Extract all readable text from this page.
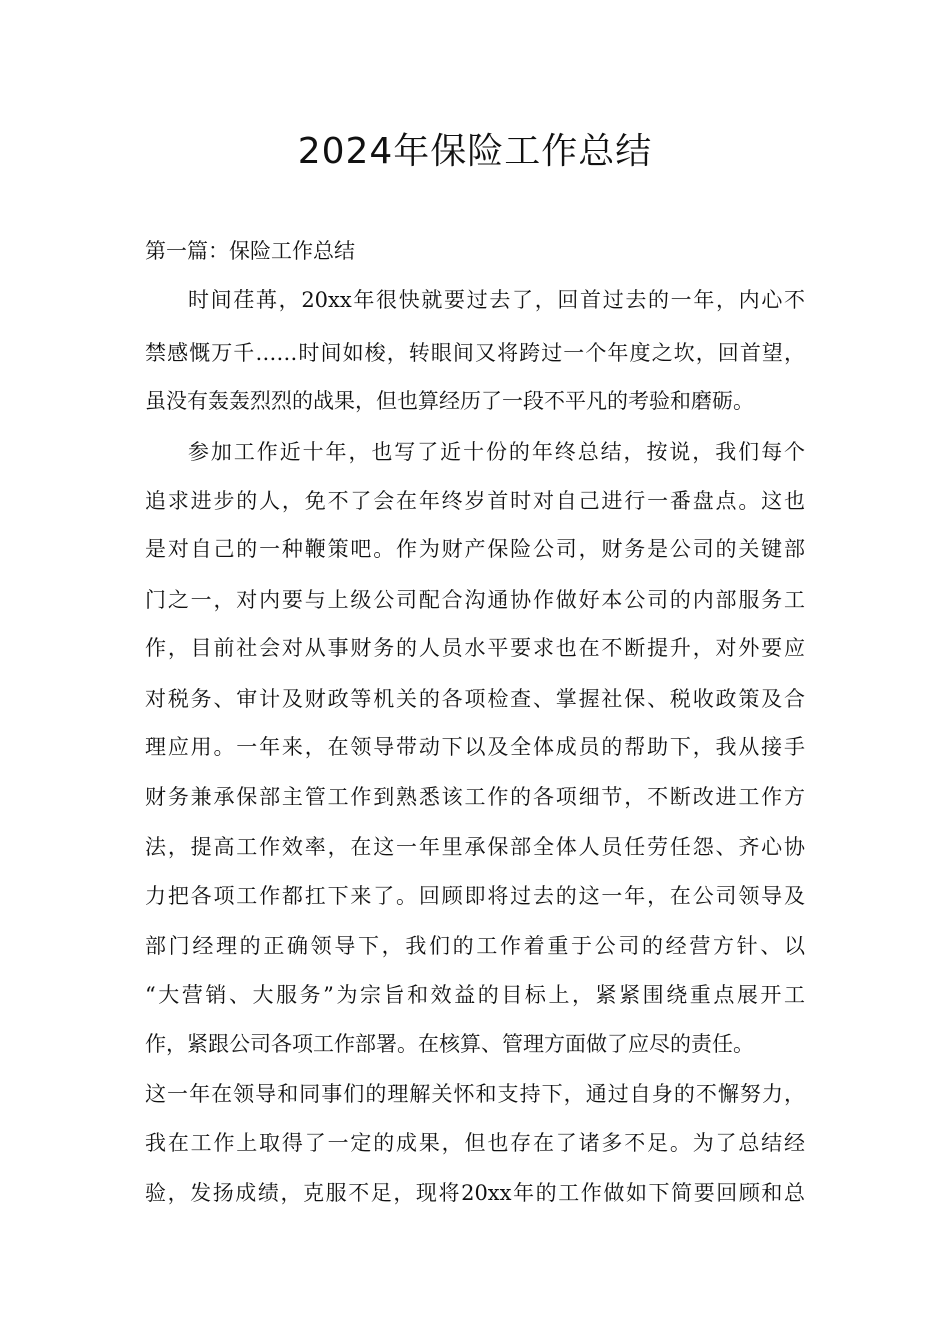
2024年保险工作总结
第一篇：保险工作总结
时间荏苒，20xx年很快就要过去了，回首过去的一年，内心不
禁感慨万千……时间如梭，转眼间又将跨过一个年度之坎，回首望，
虽没有轰轰烈烈的战果，但也算经历了一段不平凡的考验和磨砺。
参加工作近十年，也写了近十份的年终总结，按说，我们每个
追求进步的人，免不了会在年终岁首时对自己进行一番盘点。这也
是对自己的一种鞭策吧。作为财产保险公司，财务是公司的关键部
门之一，对内要与上级公司配合沟通协作做好本公司的内部服务工
作，目前社会对从事财务的人员水平要求也在不断提升，对外要应
对税务、审计及财政等机关的各项检查、掌握社保、税收政策及合
理应用。一年来，在领导带动下以及全体成员的帮助下，我从接手
财务兼承保部主管工作到熟悉该工作的各项细节，不断改进工作方
法，提高工作效率，在这一年里承保部全体人员任劳任怨、齐心协
力把各项工作都扛下来了。回顾即将过去的这一年，在公司领导及
部门经理的正确领导下，我们的工作着重于公司的经营方针、以
“大营销、大服务”为宗旨和效益的目标上，紧紧围绕重点展开工
作，紧跟公司各项工作部署。在核算、管理方面做了应尽的责任。
这一年在领导和同事们的理解关怀和支持下，通过自身的不懈努力，
我在工作上取得了一定的成果，但也存在了诸多不足。为了总结经
验，发扬成绩，克服不足，现将20xx年的工作做如下简要回顾和总
